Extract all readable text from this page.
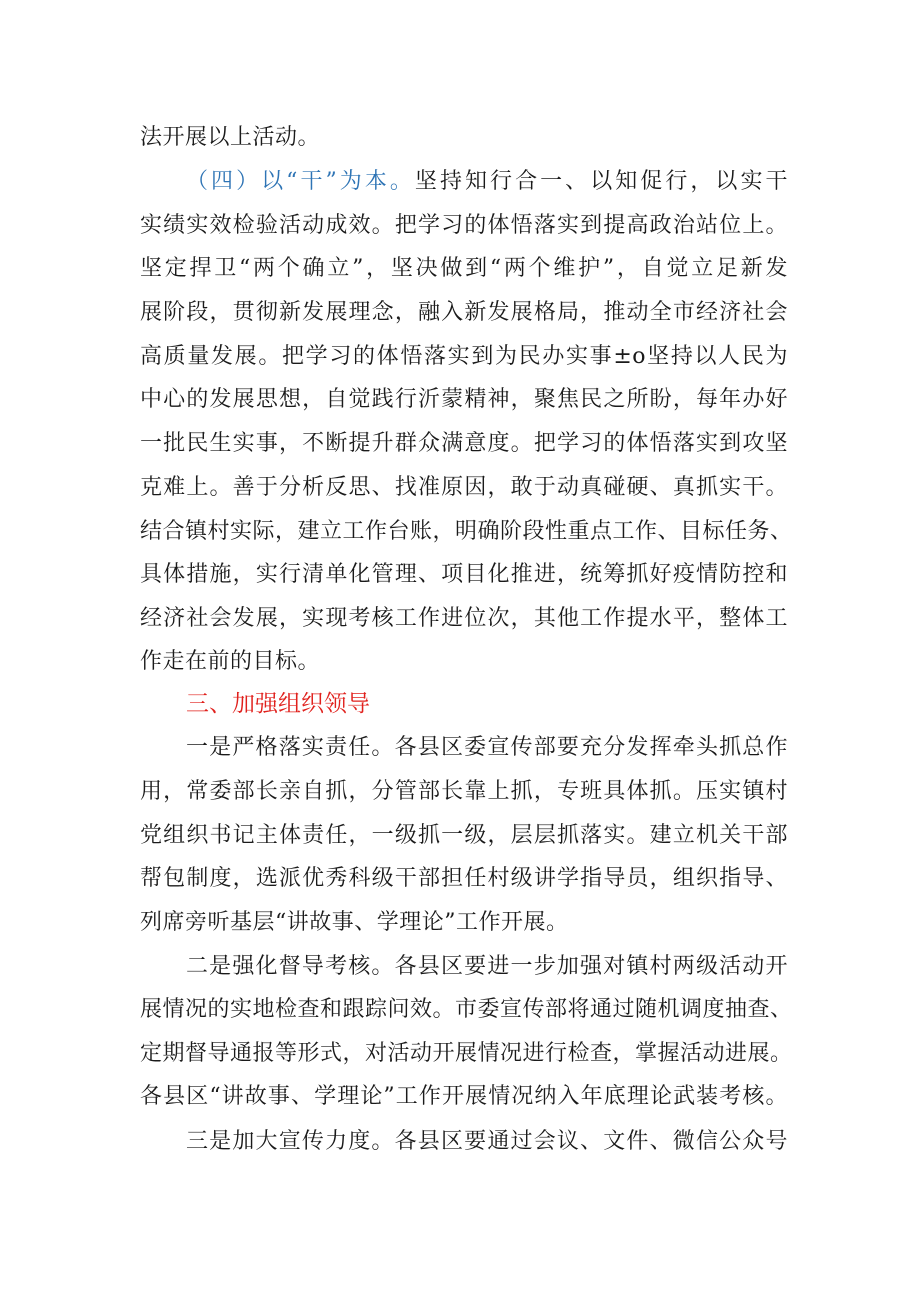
法开展以上活动。
（四）以“干”为本。坚持知行合一、以知促行，以实干
实绩实效检验活动成效。把学习的体悟落实到提高政治站位上。
坚定捍卫“两个确立”，坚决做到“两个维护”，自觉立足新发
展阶段，贯彻新发展理念，融入新发展格局，推动全市经济社会
高质量发展。把学习的体悟落实到为民办实事±o坚持以人民为
中心的发展思想，自觉践行沂蒙精神，聚焦民之所盼，每年办好
一批民生实事，不断提升群众满意度。把学习的体悟落实到攻坚
克难上。善于分析反思、找准原因，敢于动真碰硬、真抓实干。
结合镇村实际，建立工作台账，明确阶段性重点工作、目标任务、
具体措施，实行清单化管理、项目化推进，统筹抓好疫情防控和
经济社会发展，实现考核工作进位次，其他工作提水平，整体工
作走在前的目标。
三、加强组织领导
一是严格落实责任。各县区委宣传部要充分发挥牵头抓总作
用，常委部长亲自抓，分管部长靠上抓，专班具体抓。压实镇村
党组织书记主体责任，一级抓一级，层层抓落实。建立机关干部
帮包制度，选派优秀科级干部担任村级讲学指导员，组织指导、
列席旁听基层“讲故事、学理论”工作开展。
二是强化督导考核。各县区要进一步加强对镇村两级活动开
展情况的实地检查和跟踪问效。市委宣传部将通过随机调度抽查、
定期督导通报等形式，对活动开展情况进行检查，掌握活动进展。
各县区“讲故事、学理论”工作开展情况纳入年底理论武装考核。
三是加大宣传力度。各县区要通过会议、文件、微信公众号
